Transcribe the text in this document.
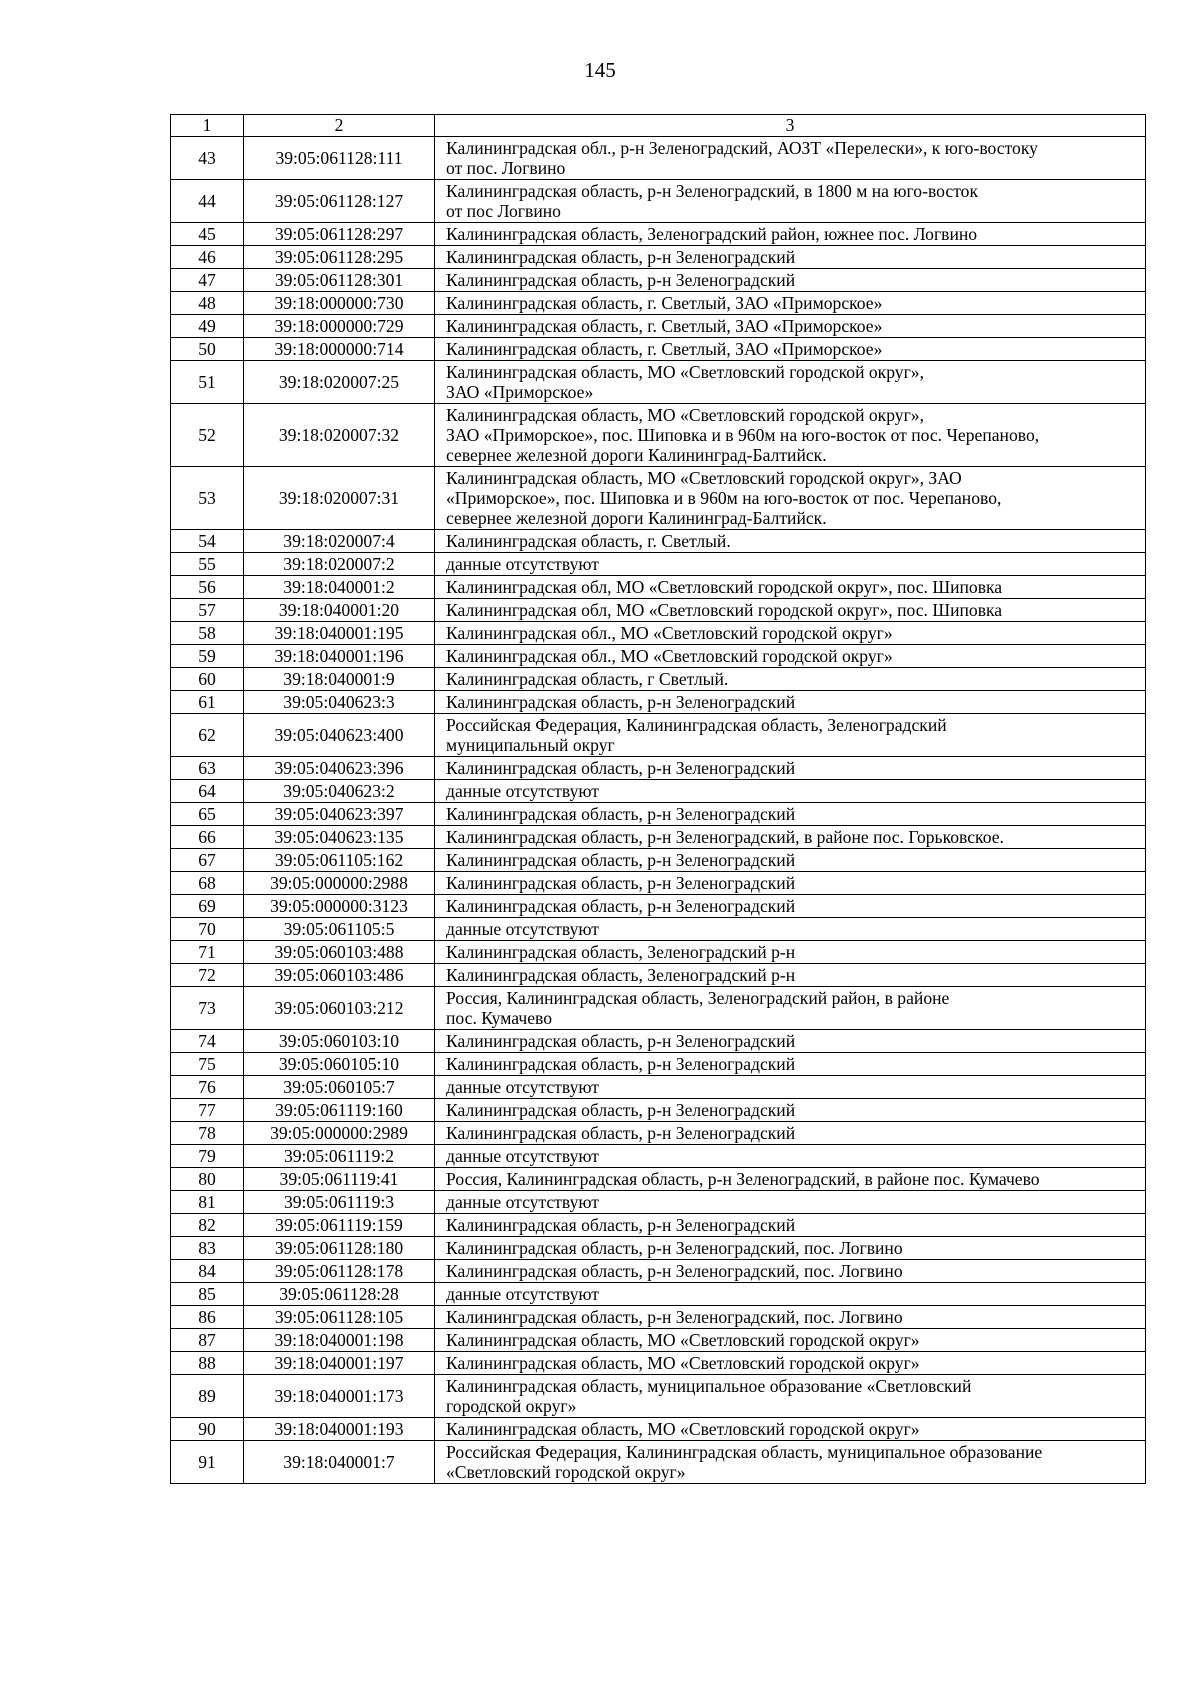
145
1	2	3
43	39:05:061128:111	Калининградская обл., р-н Зеленоградский, АОЗТ «Перелески», к юго-востоку
от пос. Логвино
44	39:05:061128:127	Калининградская область, р-н Зеленоградский, в 1800 м на юго-восток
от пос Логвино
45	39:05:061128:297	Калининградская область, Зеленоградский район, южнее пос. Логвино
46	39:05:061128:295	Калининградская область, р-н Зеленоградский
47	39:05:061128:301	Калининградская область, р-н Зеленоградский
48	39:18:000000:730	Калининградская область, г. Светлый, ЗАО «Приморское»
49	39:18:000000:729	Калининградская область, г. Светлый, ЗАО «Приморское»
50	39:18:000000:714	Калининградская область, г. Светлый, ЗАО «Приморское»
51	39:18:020007:25	Калининградская область, МО «Светловский городской округ»,
ЗАО «Приморское»
52	39:18:020007:32	Калининградская область, МО «Светловский городской округ»,
ЗАО «Приморское», пос. Шиповка и в 960м на юго-восток от пос. Черепаново,
севернее железной дороги Калининград-Балтийск.
53	39:18:020007:31	Калининградская область, МО «Светловский городской округ», ЗАО
«Приморское», пос. Шиповка и в 960м на юго-восток от пос. Черепаново,
севернее железной дороги Калининград-Балтийск.
54	39:18:020007:4	Калининградская область, г. Светлый.
55	39:18:020007:2	данные отсутствуют
56	39:18:040001:2	Калининградская обл, МО «Светловский городской округ», пос. Шиповка
57	39:18:040001:20	Калининградская обл, МО «Светловский городской округ», пос. Шиповка
58	39:18:040001:195	Калининградская обл., МО «Светловский городской округ»
59	39:18:040001:196	Калининградская обл., МО «Светловский городской округ»
60	39:18:040001:9	Калининградская область, г Светлый.
61	39:05:040623:3	Калининградская область, р-н Зеленоградский
62	39:05:040623:400	Российская Федерация, Калининградская область, Зеленоградский
муниципальный округ
63	39:05:040623:396	Калининградская область, р-н Зеленоградский
64	39:05:040623:2	данные отсутствуют
65	39:05:040623:397	Калининградская область, р-н Зеленоградский
66	39:05:040623:135	Калининградская область, р-н Зеленоградский, в районе пос. Горьковское.
67	39:05:061105:162	Калининградская область, р-н Зеленоградский
68	39:05:000000:2988	Калининградская область, р-н Зеленоградский
69	39:05:000000:3123	Калининградская область, р-н Зеленоградский
70	39:05:061105:5	данные отсутствуют
71	39:05:060103:488	Калининградская область, Зеленоградский р-н
72	39:05:060103:486	Калининградская область, Зеленоградский р-н
73	39:05:060103:212	Россия, Калининградская область, Зеленоградский район, в районе
пос. Кумачево
74	39:05:060103:10	Калининградская область, р-н Зеленоградский
75	39:05:060105:10	Калининградская область, р-н Зеленоградский
76	39:05:060105:7	данные отсутствуют
77	39:05:061119:160	Калининградская область, р-н Зеленоградский
78	39:05:000000:2989	Калининградская область, р-н Зеленоградский
79	39:05:061119:2	данные отсутствуют
80	39:05:061119:41	Россия, Калининградская область, р-н Зеленоградский, в районе пос. Кумачево
81	39:05:061119:3	данные отсутствуют
82	39:05:061119:159	Калининградская область, р-н Зеленоградский
83	39:05:061128:180	Калининградская область, р-н Зеленоградский, пос. Логвино
84	39:05:061128:178	Калининградская область, р-н Зеленоградский, пос. Логвино
85	39:05:061128:28	данные отсутствуют
86	39:05:061128:105	Калининградская область, р-н Зеленоградский, пос. Логвино
87	39:18:040001:198	Калининградская область, МО «Светловский городской округ»
88	39:18:040001:197	Калининградская область, МО «Светловский городской округ»
89	39:18:040001:173	Калининградская область, муниципальное образование «Светловский
городской округ»
90	39:18:040001:193	Калининградская область, МО «Светловский городской округ»
91	39:18:040001:7	Российская Федерация, Калининградская область, муниципальное образование
«Светловский городской округ»
